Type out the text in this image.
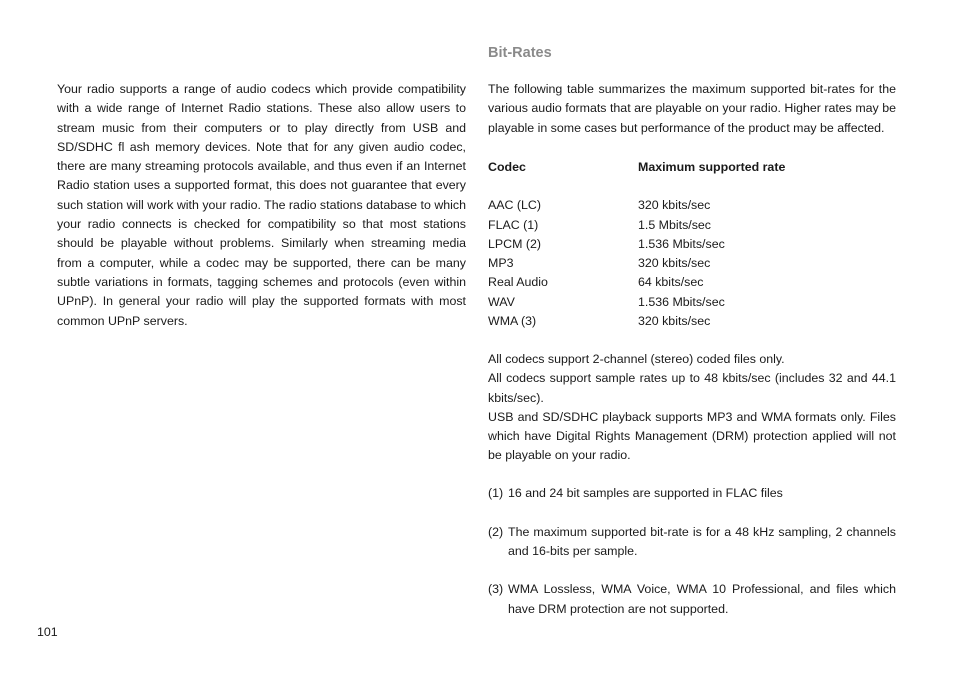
Your radio supports a range of audio codecs which provide compatibility with a wide range of Internet Radio stations. These also allow users to stream music from their computers or to play directly from USB and SD/SDHC fl ash memory devices. Note that for any given audio codec, there are many streaming protocols available, and thus even if an Internet Radio station uses a supported format, this does not guarantee that every such station will work with your radio. The radio stations database to which your radio connects is checked for compatibility so that most stations should be playable without problems. Similarly when streaming media from a computer, while a codec may be supported, there can be many subtle variations in formats, tagging schemes and protocols (even within UPnP). In general your radio will play the supported formats with most common UPnP servers.
Bit-Rates

The following table summarizes the maximum supported bit-rates for the various audio formats that are playable on your radio. Higher rates may be playable in some cases but performance of the product may be affected.

Codec	Maximum supported rate
AAC (LC)	320 kbits/sec
FLAC (1)	1.5 Mbits/sec
LPCM (2)	1.536 Mbits/sec
MP3	320 kbits/sec
Real Audio	64 kbits/sec
WAV	1.536 Mbits/sec
WMA (3)	320 kbits/sec

All codecs support 2-channel (stereo) coded files only.

All codecs support sample rates up to 48 kbits/sec (includes 32 and 44.1 kbits/sec).

USB and SD/SDHC playback supports MP3 and WMA formats only. Files which have Digital Rights Management (DRM) protection applied will not be playable on your radio.

(1) 16 and 24 bit samples are supported in FLAC files
(2) The maximum supported bit-rate is for a 48 kHz sampling, 2 channels and 16-bits per sample.
(3) WMA Lossless, WMA Voice, WMA 10 Professional, and files which have DRM protection are not supported.
101
